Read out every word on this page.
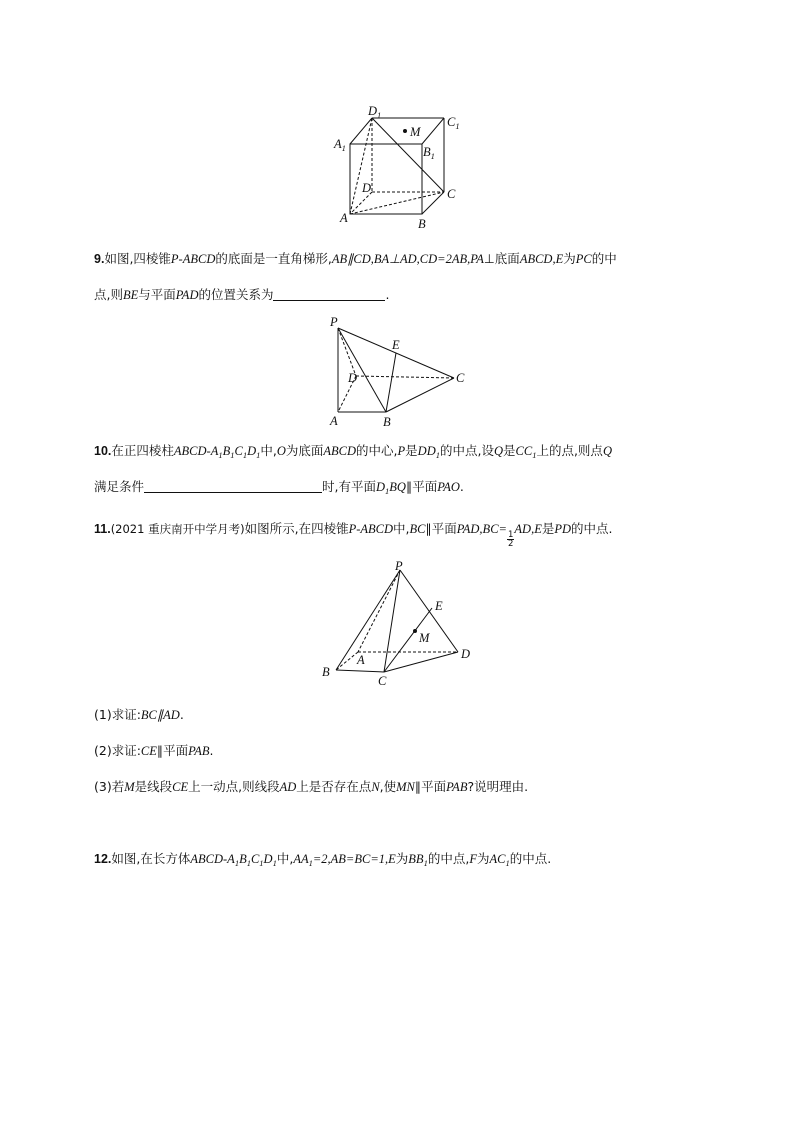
$D_1$	$C_1$
M
$A_1$	$B_1$
D	C
A	B
9.如图,四棱锥P-ABCD的底面是一直角梯形,AB∥CD,BA⊥AD,CD=2AB,PA⊥底面ABCD,E为PC的中
点,则BE与平面PAD的位置关系为	.
P
E
D	C
A	B
10.在正四棱柱ABCD-$A_1B_1C_1D_1$中,O为底面ABCD的中心,P是$DD_1$的中点,设Q是$CC_1$上的点,则点Q
满足条件	时,有平面$D_1BQ\parallel$平面PAO.
11.(2021 重庆南开中学月考)如图所示,在四棱锥P-ABCD中,BC∥平面PAD,BC=
$\frac{1}{2}$
AD,E是PD的中点.
P
E
M
A	D
B
C
(1)求证:BC∥AD.
(2)求证:CE∥平面PAB.
(3)若M是线段CE上一动点,则线段AD上是否存在点N,使MN∥平面PAB?说明理由.
12.如图,在长方体ABCD-$A_1B_1C_1D_1$中$,AA_1=2,AB=BC=1,E$为$BB_1$的中点,F为$AC_1$的中点.
